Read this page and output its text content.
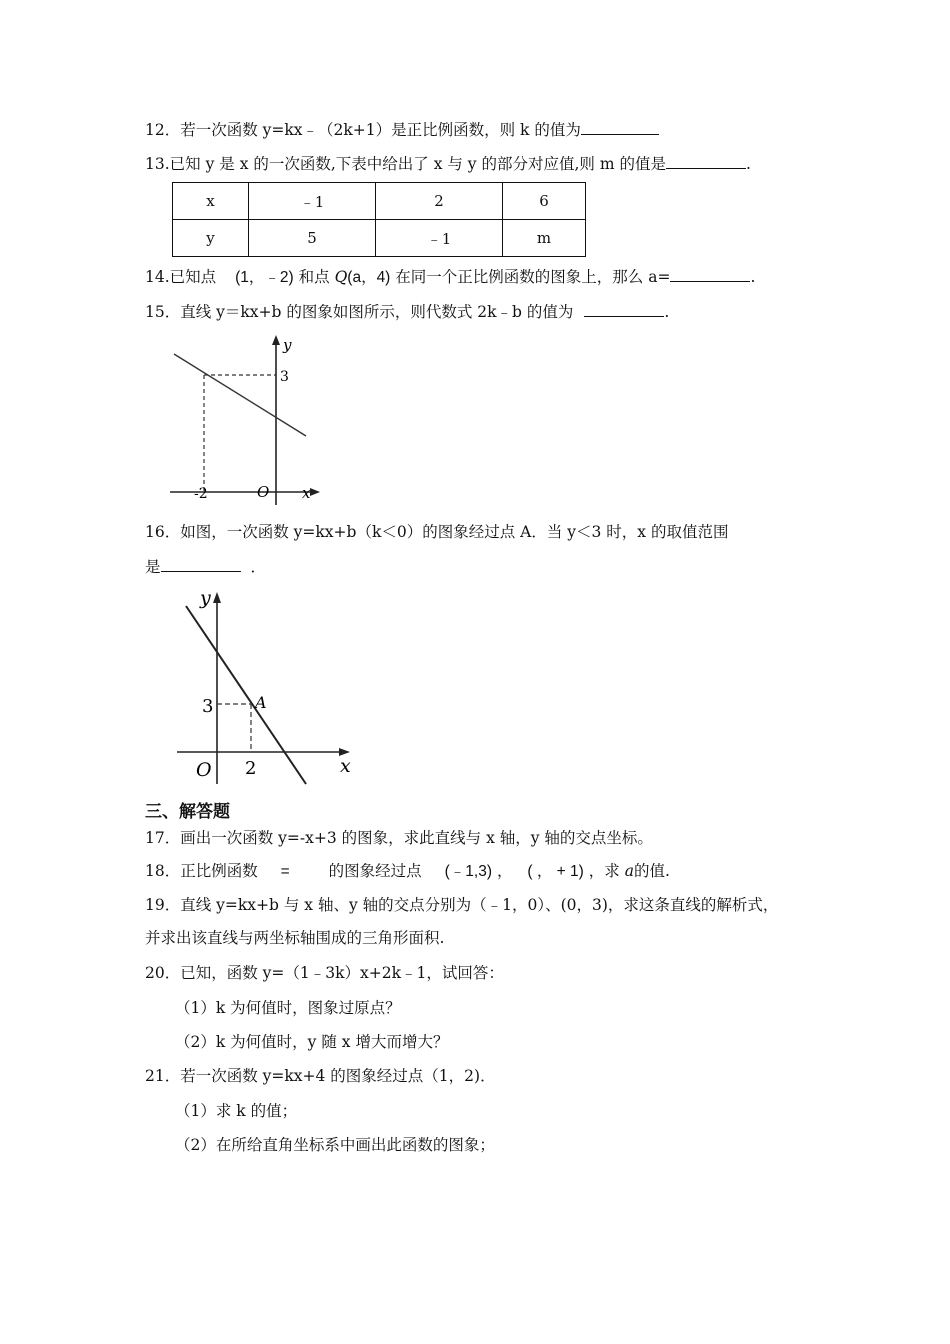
12．若一次函数 y=kx﹣（2k+1）是正比例函数，则 k 的值为
13.已知 y 是 x 的一次函数,下表中给出了 x 与 y 的部分对应值,则 m 的值是	.
x	﹣1	2	6
y	5	﹣1	m
14.已知点 (1，﹣2) 和点 Q(a，4) 在同一个正比例函数的图象上，那么 a=	.
15．直线 y＝kx+b 的图象如图所示，则代数式 2k﹣b 的值为	.
y
x
O
3
-2
16．如图，一次函数 y=kx+b（k＜0）的图象经过点 A．当 y＜3 时，x 的取值范围
是	．
y
x
O
3
2
A
三、解答题
17．画出一次函数 y=-x+3 的图象，求此直线与 x 轴，y 轴的交点坐标。
18．正比例函数 =	的图象经过点 (﹣1,3) ， ( ， + 1) ，求 a的值.
19．直线 y=kx+b 与 x 轴、y 轴的交点分别为（﹣1，0）、(0，3)，求这条直线的解析式，
并求出该直线与两坐标轴围成的三角形面积.
20．已知，函数 y=（1﹣3k）x+2k﹣1，试回答：
（1）k 为何值时，图象过原点？
（2）k 为何值时，y 随 x 增大而增大？
21．若一次函数 y=kx+4 的图象经过点（1，2)．
（1）求 k 的值；
（2）在所给直角坐标系中画出此函数的图象；
